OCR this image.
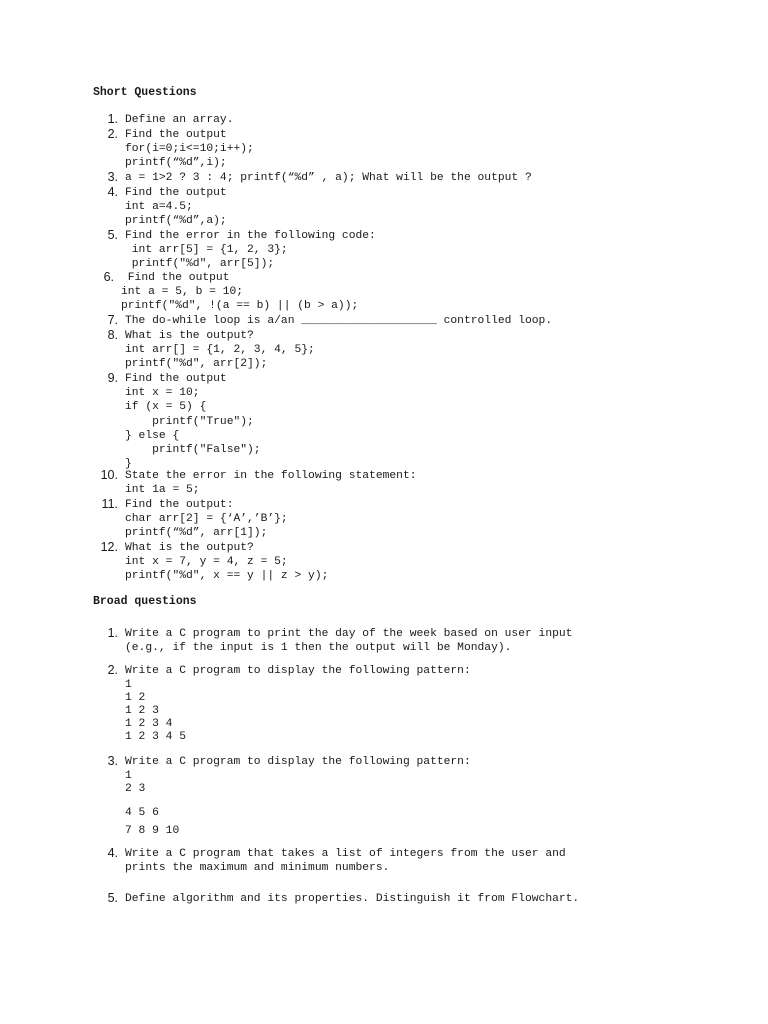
Short Questions
1. Define an array.
2. Find the output
for(i=0;i<=10;i++);
printf(“%d”,i);
3. a = 1>2 ? 3 : 4; printf(“%d” , a); What will be the output ?
4. Find the output
int a=4.5;
printf(“%d”,a);
5. Find the error in the following code:
int arr[5] = {1, 2, 3};
printf("%d", arr[5]);
6. Find the output
int a = 5, b = 10;
printf("%d", !(a == b) || (b > a));
7. The do-while loop is a/an ____________________ controlled loop.
8. What is the output?
int arr[] = {1, 2, 3, 4, 5};
printf("%d", arr[2]);
9. Find the output
int x = 10;
if (x = 5) {
printf("True");
} else {
printf("False");
}
10. State the error in the following statement:
int 1a = 5;
11. Find the output:
char arr[2] = {‘A’,’B’};
printf(“%d”, arr[1]);
12. What is the output?
int x = 7, y = 4, z = 5;
printf("%d", x == y || z > y);
Broad questions
1. Write a C program to print the day of the week based on user input
(e.g., if the input is 1 then the output will be Monday).
2. Write a C program to display the following pattern:
1
1 2
1 2 3
1 2 3 4
1 2 3 4 5
3. Write a C program to display the following pattern:
1
2 3
4 5 6
7 8 9 10
4. Write a C program that takes a list of integers from the user and
prints the maximum and minimum numbers.
5. Define algorithm and its properties. Distinguish it from Flowchart.
